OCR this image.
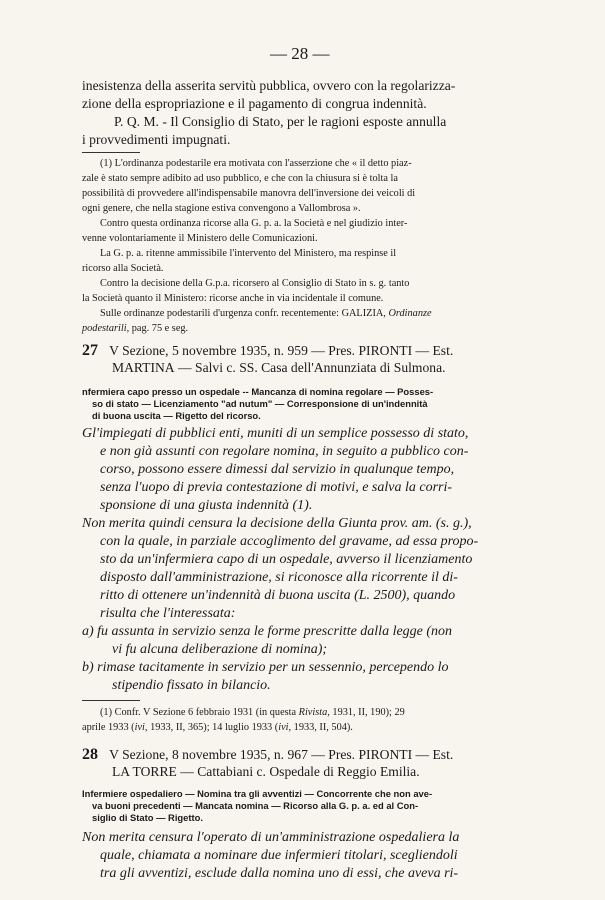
— 28 —
inesistenza della asserita servitù pubblica, ovvero con la regolarizza-
zione della espropriazione e il pagamento di congrua indennità.
P. Q. M. - Il Consiglio di Stato, per le ragioni esposte annulla
i provvedimenti impugnati.
(1) L'ordinanza podestarile era motivata con l'asserzione che « il detto piaz-
zale è stato sempre adibito ad uso pubblico, e che con la chiusura si è tolta la
possibilità di provvedere all'indispensabile manovra dell'inversione dei veicoli di
ogni genere, che nella stagione estiva convengono a Vallombrosa ».
Contro questa ordinanza ricorse alla G. p. a. la Società e nel giudizio inter-
venne volontariamente il Ministero delle Comunicazioni.
La G. p. a. ritenne ammissibile l'intervento del Ministero, ma respinse il
ricorso alla Società.
Contro la decisione della G.p.a. ricorsero al Consiglio di Stato in s. g. tanto
la Società quanto il Ministero: ricorse anche in via incidentale il comune.
Sulle ordinanze podestarili d'urgenza confr. recentemente: GALIZIA, Ordinanze
podestarili, pag. 75 e seg.
27 V Sezione, 5 novembre 1935, n. 959 — Pres. PIRONTI — Est.
MARTINA — Salvi c. SS. Casa dell'Annunziata di Sulmona.
nfermiera capo presso un ospedale -- Mancanza di nomina regolare — Posses-
so di stato — Licenziamento "ad nutum" — Corresponsione di un'indennità
di buona uscita — Rigetto del ricorso.
Gl'impiegati di pubblici enti, muniti di un semplice possesso di stato,
e non già assunti con regolare nomina, in seguito a pubblico con-
corso, possono essere dimessi dal servizio in qualunque tempo,
senza l'uopo di previa contestazione di motivi, e salva la corri-
sponsione di una giusta indennità (1).
Non merita quindi censura la decisione della Giunta prov. am. (s. g.),
con la quale, in parziale accoglimento del gravame, ad essa propo-
sto da un'infermiera capo di un ospedale, avverso il licenziamento
disposto dall'amministrazione, si riconosce alla ricorrente il di-
ritto di ottenere un'indennità di buona uscita (L. 2500), quando
risulta che l'interessata:
a) fu assunta in servizio senza le forme prescritte dalla legge (non
vi fu alcuna deliberazione di nomina);
b) rimase tacitamente in servizio per un sessennio, percependo lo
stipendio fissato in bilancio.
(1) Confr. V Sezione 6 febbraio 1931 (in questa Rivista, 1931, II, 190); 29
aprile 1933 (ivi, 1933, II, 365); 14 luglio 1933 (ivi, 1933, II, 504).
28 V Sezione, 8 novembre 1935, n. 967 — Pres. PIRONTI — Est.
LA TORRE — Cattabiani c. Ospedale di Reggio Emilia.
Infermiere ospedaliero — Nomina tra gli avventizi — Concorrente che non ave-
va buoni precedenti — Mancata nomina — Ricorso alla G. p. a. ed al Con-
siglio di Stato — Rigetto.
Non merita censura l'operato di un'amministrazione ospedaliera la
quale, chiamata a nominare due infermieri titolari, scegliendoli
tra gli avventizi, esclude dalla nomina uno di essi, che aveva ri-
